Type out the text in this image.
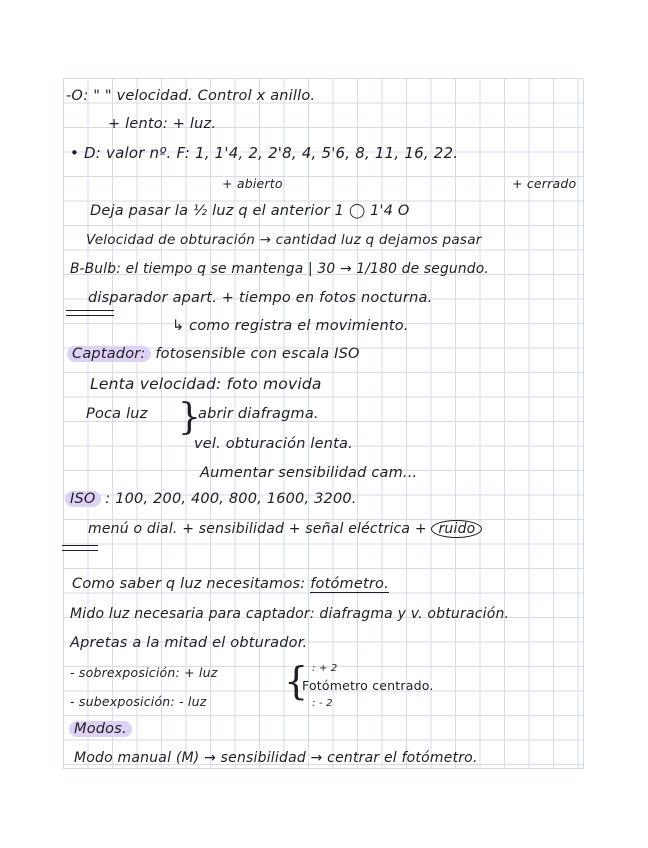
-O: " " velocidad. Control x anillo.
+ lento: + luz.
• D: valor nº. F: 1, 1'4, 2, 2'8, 4, 5'6, 8, 11, 16, 22.
+ abierto	+ cerrado
Deja pasar la ½ luz q el anterior 1 ◯ 1'4 O
Velocidad de obturación → cantidad luz q dejamos pasar
B-Bulb: el tiempo q se mantenga | 30 → 1/180 de segundo.
disparador apart. + tiempo en fotos nocturna.
↳ como registra el movimiento.
Captador: fotosensible con escala ISO
Lenta velocidad: foto movida
Poca luz }
abrir diafragma.
vel. obturación lenta.
Aumentar sensibilidad cam...
ISO : 100, 200, 400, 800, 1600, 3200.
menú o dial. + sensibilidad + señal eléctrica + ruido
Como saber q luz necesitamos: fotómetro.
Mido luz necesaria para captador: diafragma y v. obturación.
Apretas a la mitad el obturador.
- sobrexposición: + luz	: + 2
{
Fotómetro centrado.
- subexposición: - luz	: - 2
Modos.
Modo manual (M) → sensibilidad → centrar el fotómetro.
